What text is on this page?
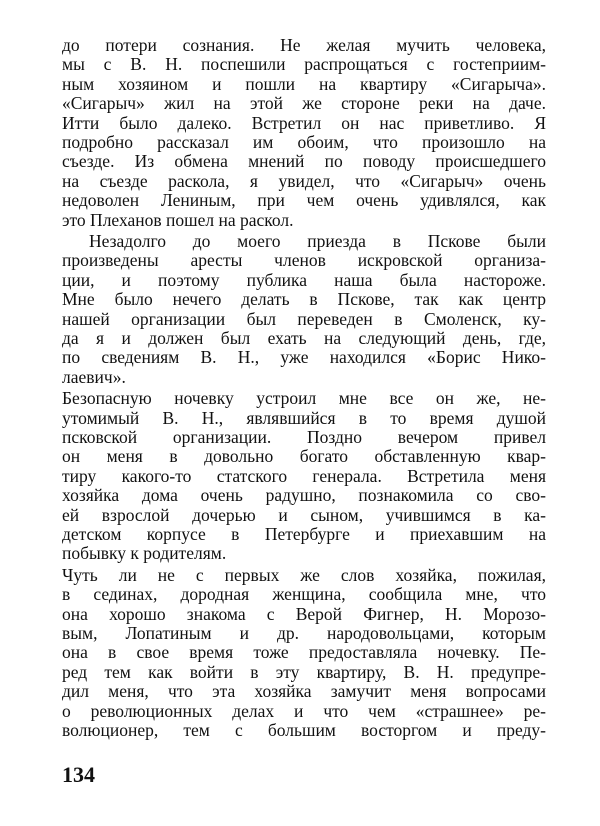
134
до потери сознания. Не желая мучить человека,
мы с В. Н. поспешили распрощаться с гостеприим-
ным хозяином и пошли на квартиру «Сигарыча».
«Сигарыч» жил на этой же стороне реки на даче.
Итти было далеко. Встретил он нас приветливо. Я
подробно рассказал им обоим, что произошло на
съезде. Из обмена мнений по поводу происшедшего
на съезде раскола, я увидел, что «Сигарыч» очень
недоволен Лениным, при чем очень удивлялся, как
это Плеханов пошел на раскол.
Незадолго до моего приезда в Пскове были
произведены аресты членов искровской организа-
ции, и поэтому публика наша была настороже.
Мне было нечего делать в Пскове, так как центр
нашей организации был переведен в Смоленск, ку-
да я и должен был ехать на следующий день, где,
по сведениям В. Н., уже находился «Борис Нико-
лаевич».
Безопасную ночевку устроил мне все он же, не-
утомимый В. Н., являвшийся в то время душой
псковской организации. Поздно вечером привел
он меня в довольно богато обставленную квар-
тиру какого-то статского генерала. Встретила меня
хозяйка дома очень радушно, познакомила со сво-
ей взрослой дочерью и сыном, учившимся в ка-
детском корпусе в Петербурге и приехавшим на
побывку к родителям.
Чуть ли не с первых же слов хозяйка, пожилая,
в сединах, дородная женщина, сообщила мне, что
она хорошо знакома с Верой Фигнер, Н. Морозо-
вым, Лопатиным и др. народовольцами, которым
она в свое время тоже предоставляла ночевку. Пе-
ред тем как войти в эту квартиру, В. Н. предупре-
дил меня, что эта хозяйка замучит меня вопросами
о революционных делах и что чем «страшнее» ре-
волюционер, тем с большим восторгом и преду-
